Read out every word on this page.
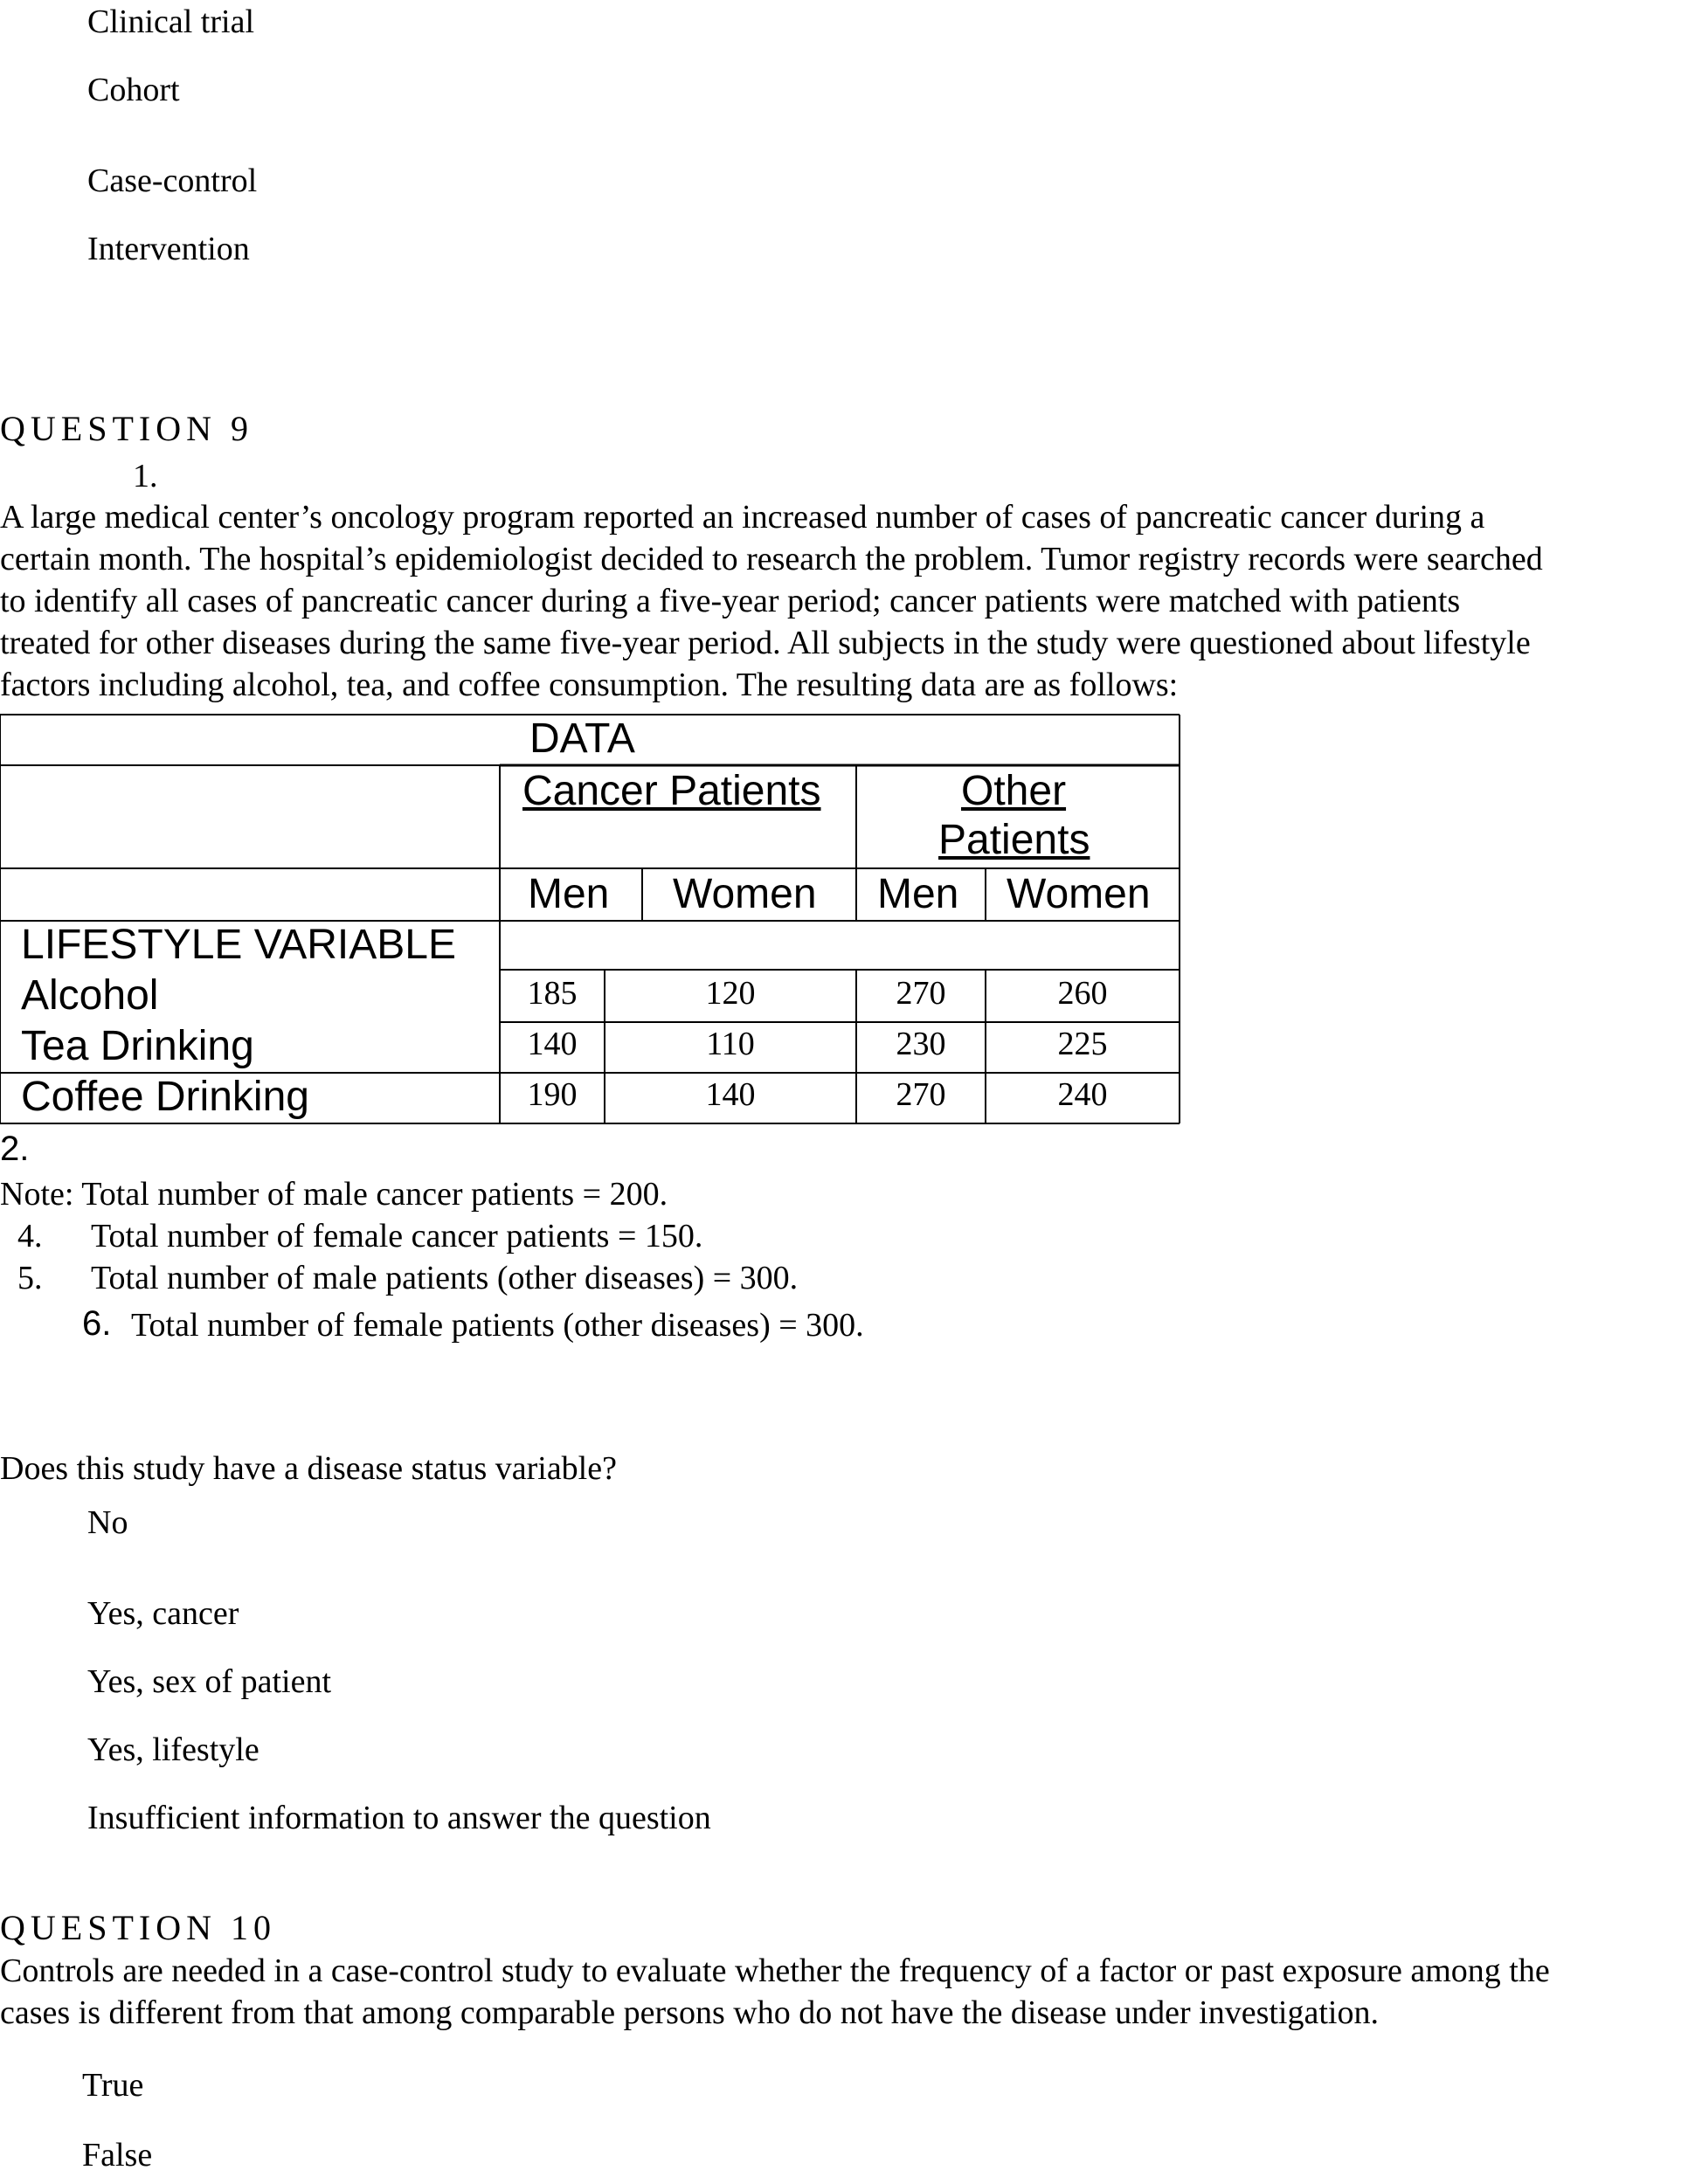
Clinical trial
Cohort
Case-control
Intervention
QUESTION 9
1.
A large medical center’s oncology program reported an increased number of cases of pancreatic cancer during a
certain month. The hospital’s epidemiologist decided to research the problem. Tumor registry records were searched
to identify all cases of pancreatic cancer during a five-year period; cancer patients were matched with patients
treated for other diseases during the same five-year period. All subjects in the study were questioned about lifestyle
factors including alcohol, tea, and coffee consumption. The resulting data are as follows:
DATA
Cancer Patients	Other
Patients
Men Women Men Women
LIFESTYLE VARIABLE
Alcohol	185	120	270	260
Tea Drinking	140	110	230	225
Coffee Drinking	190	140	270	240
2.
Note: Total number of male cancer patients = 200.
4. Total number of female cancer patients = 150.
5. Total number of male patients (other diseases) = 300.
6. Total number of female patients (other diseases) = 300.
Does this study have a disease status variable?
No
Yes, cancer
Yes, sex of patient
Yes, lifestyle
Insufficient information to answer the question
QUESTION 10
Controls are needed in a case-control study to evaluate whether the frequency of a factor or past exposure among the
cases is different from that among comparable persons who do not have the disease under investigation.
True
False
